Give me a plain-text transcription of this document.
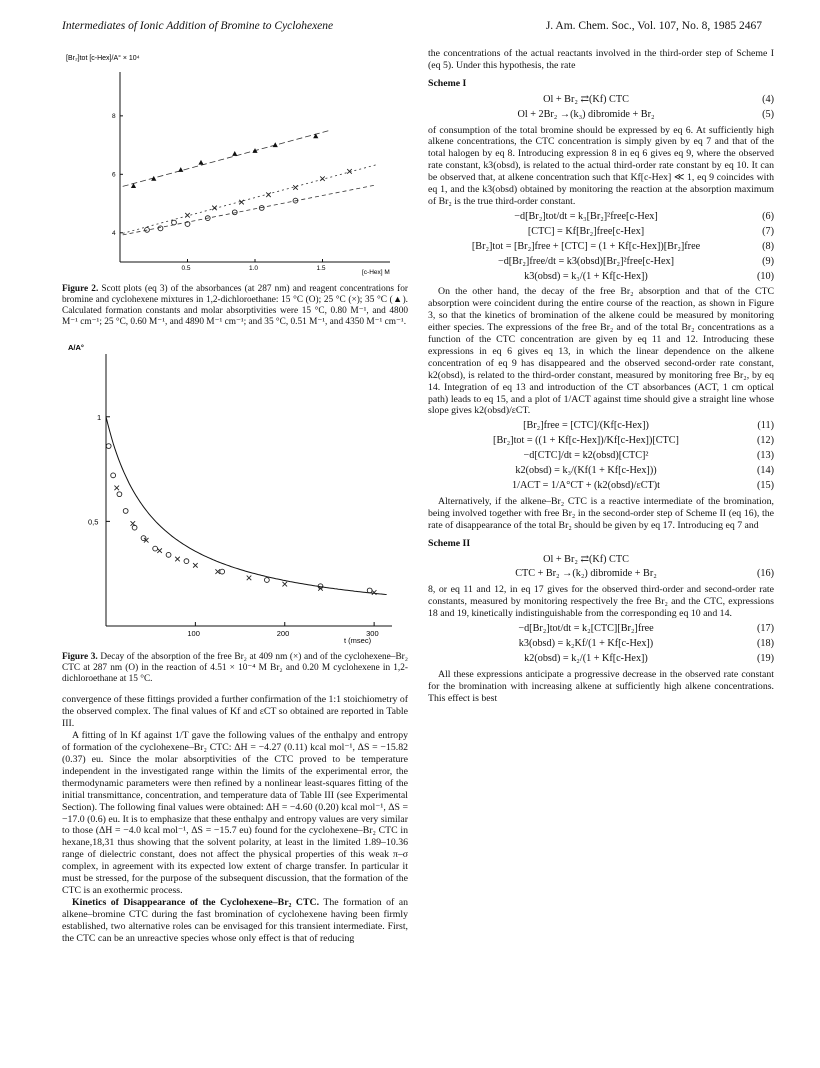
Intermediates of Ionic Addition of Bromine to Cyclohexene	J. Am. Chem. Soc., Vol. 107, No. 8, 1985 2467
[Br₂]tot [c-Hex]/A° × 10⁴
[c-Hex] M
0.5	1.0	1.5
4
6
8

Figure 2. Scott plots (eq 3) of the absorbances (at 287 nm) and reagent concentrations for bromine and cyclohexene mixtures in 1,2-dichloroethane: 15 °C (O); 25 °C (×); 35 °C (▲). Calculated formation constants and molar absorptivities were 15 °C, 0.80 M⁻¹, and 4800 M⁻¹ cm⁻¹; 25 °C, 0.60 M⁻¹, and 4890 M⁻¹ cm⁻¹; and 35 °C, 0.51 M⁻¹, and 4350 M⁻¹ cm⁻¹.

A/A°
t (msec)
100	200	300
1
0,5

Figure 3. Decay of the absorption of the free Br₂ at 409 nm (×) and of the cyclohexene–Br₂ CTC at 287 nm (O) in the reaction of 4.51 × 10⁻⁴ M Br₂ and 0.20 M cyclohexene in 1,2-dichloroethane at 15 °C.

convergence of these fittings provided a further confirmation of the 1:1 stoichiometry of the observed complex. The final values of Kf and εCT so obtained are reported in Table III.

A fitting of ln Kf against 1/T gave the following values of the enthalpy and entropy of formation of the cyclohexene–Br₂ CTC: ΔH = −4.27 (0.11) kcal mol⁻¹, ΔS = −15.82 (0.37) eu. Since the molar absorptivities of the CTC proved to be temperature independent in the investigated range within the limits of the experimental error, the thermodynamic parameters were then refined by a nonlinear least-squares fitting of the initial transmittance, concentration, and temperature data of Table III (see Experimental Section). The following final values were obtained: ΔH = −4.60 (0.20) kcal mol⁻¹, ΔS = −17.0 (0.6) eu. It is to emphasize that these enthalpy and entropy values are very similar to those (ΔH = −4.0 kcal mol⁻¹, ΔS = −15.7 eu) found for the cyclohexene–Br₂ CTC in hexane,18,31 thus showing that the solvent polarity, at least in the limited 1.89–10.36 range of dielectric constant, does not affect the physical properties of this weak π–σ complex, in agreement with its expected low extent of charge transfer. In particular it must be stressed, for the purpose of the subsequent discussion, that the formation of the CTC is an exothermic process.

Kinetics of Disappearance of the Cyclohexene–Br₂ CTC. The formation of an alkene–bromine CTC during the fast bromination of cyclohexene having been firmly established, two alternative roles can be envisaged for this transient intermediate. First, the CTC can be an unreactive species whose only effect is that of reducing

the concentrations of the actual reactants involved in the third-order step of Scheme I (eq 5). Under this hypothesis, the rate

Scheme I
Ol + Br₂ ⇄(Kf) CTC	(4)
Ol + 2Br₂ →(k₃) dibromide + Br₂	(5)

of consumption of the total bromine should be expressed by eq 6. At sufficiently high alkene concentrations, the CTC concentration is simply given by eq 7 and that of the total halogen by eq 8. Introducing expression 8 in eq 6 gives eq 9, where the observed rate constant, k3(obsd), is related to the actual third-order rate constant by eq 10. It can be observed that, at alkene concentration such that Kf[c-Hex] ≪ 1, eq 9 coincides with eq 1, and the k3(obsd) obtained by monitoring the reaction at the absorption maximum of Br₂ is the true third-order constant.

−d[Br₂]tot/dt = k₃[Br₂]²free[c-Hex]	(6)
[CTC] = Kf[Br₂]free[c-Hex]	(7)
[Br₂]tot = [Br₂]free + [CTC] = (1 + Kf[c-Hex])[Br₂]free	(8)
−d[Br₂]free/dt = k3(obsd)[Br₂]²free[c-Hex]	(9)
k3(obsd) = k₃/(1 + Kf[c-Hex])	(10)

On the other hand, the decay of the free Br₂ absorption and that of the CTC absorption were coincident during the entire course of the reaction, as shown in Figure 3, so that the kinetics of bromination of the alkene could be measured by monitoring either species. The expressions of the free Br₂ and of the total Br₂ concentrations as a function of the CTC concentration are given by eq 11 and 12. Introducing these expressions in eq 6 gives eq 13, in which the linear dependence on the alkene concentration of eq 9 has disappeared and the observed second-order rate constant, k2(obsd), is related to the third-order constant, measured by monitoring free Br₂, by eq 14. Integration of eq 13 and introduction of the CT absorbances (ACT, 1 cm optical path) leads to eq 15, and a plot of 1/ACT against time should give a straight line whose slope gives k2(obsd)/εCT.

[Br₂]free = [CTC]/(Kf[c-Hex])	(11)
[Br₂]tot = ((1 + Kf[c-Hex])/Kf[c-Hex])[CTC]	(12)
−d[CTC]/dt = k2(obsd)[CTC]²	(13)
k2(obsd) = k₃/(Kf(1 + Kf[c-Hex]))	(14)
1/ACT = 1/A°CT + (k2(obsd)/εCT)t	(15)

Alternatively, if the alkene–Br₂ CTC is a reactive intermediate of the bromination, being involved together with free Br₂ in the second-order step of Scheme II (eq 16), the rate of disappearance of the total Br₂ should be given by eq 17. Introducing eq 7 and

Scheme II
Ol + Br₂ ⇄(Kf) CTC
CTC + Br₂ →(k₂) dibromide + Br₂	(16)

8, or eq 11 and 12, in eq 17 gives for the observed third-order and second-order rate constants, measured by monitoring respectively the free Br₂ and the CTC, expressions 18 and 19, kinetically indistinguishable from the corresponding eq 10 and 14.

−d[Br₂]tot/dt = k₂[CTC][Br₂]free	(17)
k3(obsd) = k₂Kf/(1 + Kf[c-Hex])	(18)
k2(obsd) = k₂/(1 + Kf[c-Hex])	(19)

All these expressions anticipate a progressive decrease in the observed rate constant for the bromination with increasing alkene at sufficiently high alkene concentrations. This effect is best
